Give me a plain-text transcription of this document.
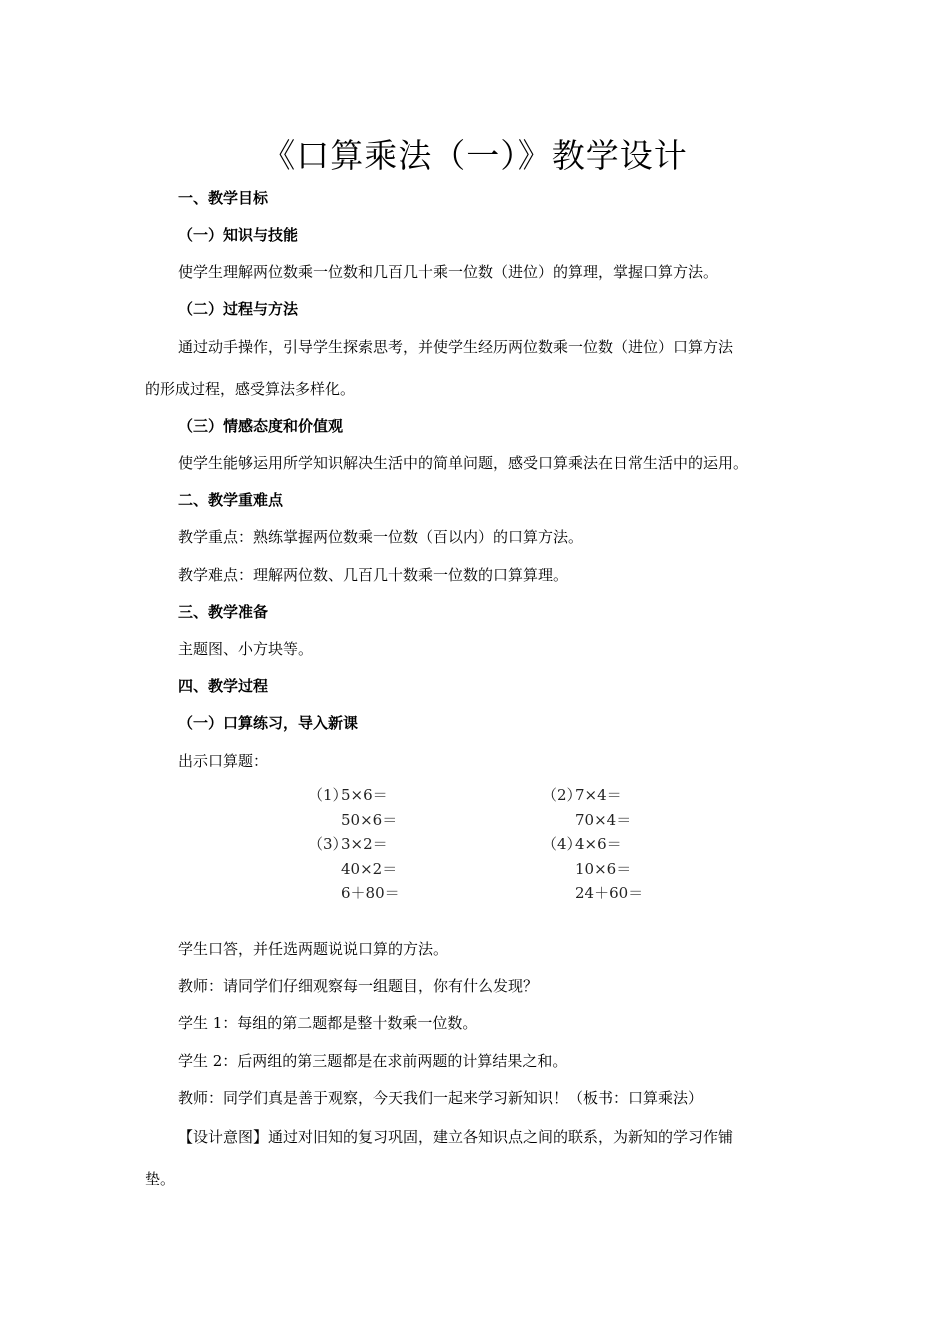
《口算乘法（一）》教学设计
一、教学目标
（一）知识与技能
使学生理解两位数乘一位数和几百几十乘一位数（进位）的算理，掌握口算方法。
（二）过程与方法
通过动手操作，引导学生探索思考，并使学生经历两位数乘一位数（进位）口算方法
的形成过程，感受算法多样化。
（三）情感态度和价值观
使学生能够运用所学知识解决生活中的简单问题，感受口算乘法在日常生活中的运用。
二、教学重难点
教学重点：熟练掌握两位数乘一位数（百以内）的口算方法。
教学难点：理解两位数、几百几十数乘一位数的口算算理。
三、教学准备
主题图、小方块等。
四、教学过程
（一）口算练习，导入新课
出示口算题：
（1）5×6＝
50×6＝
（3）3×2＝
40×2＝
6＋80＝
（2）7×4＝
70×4＝
（4）4×6＝
10×6＝
24＋60＝
学生口答，并任选两题说说口算的方法。
教师：请同学们仔细观察每一组题目，你有什么发现？
学生 1：每组的第二题都是整十数乘一位数。
学生 2：后两组的第三题都是在求前两题的计算结果之和。
教师：同学们真是善于观察，今天我们一起来学习新知识！（板书：口算乘法）
【设计意图】通过对旧知的复习巩固，建立各知识点之间的联系，为新知的学习作铺
垫。
